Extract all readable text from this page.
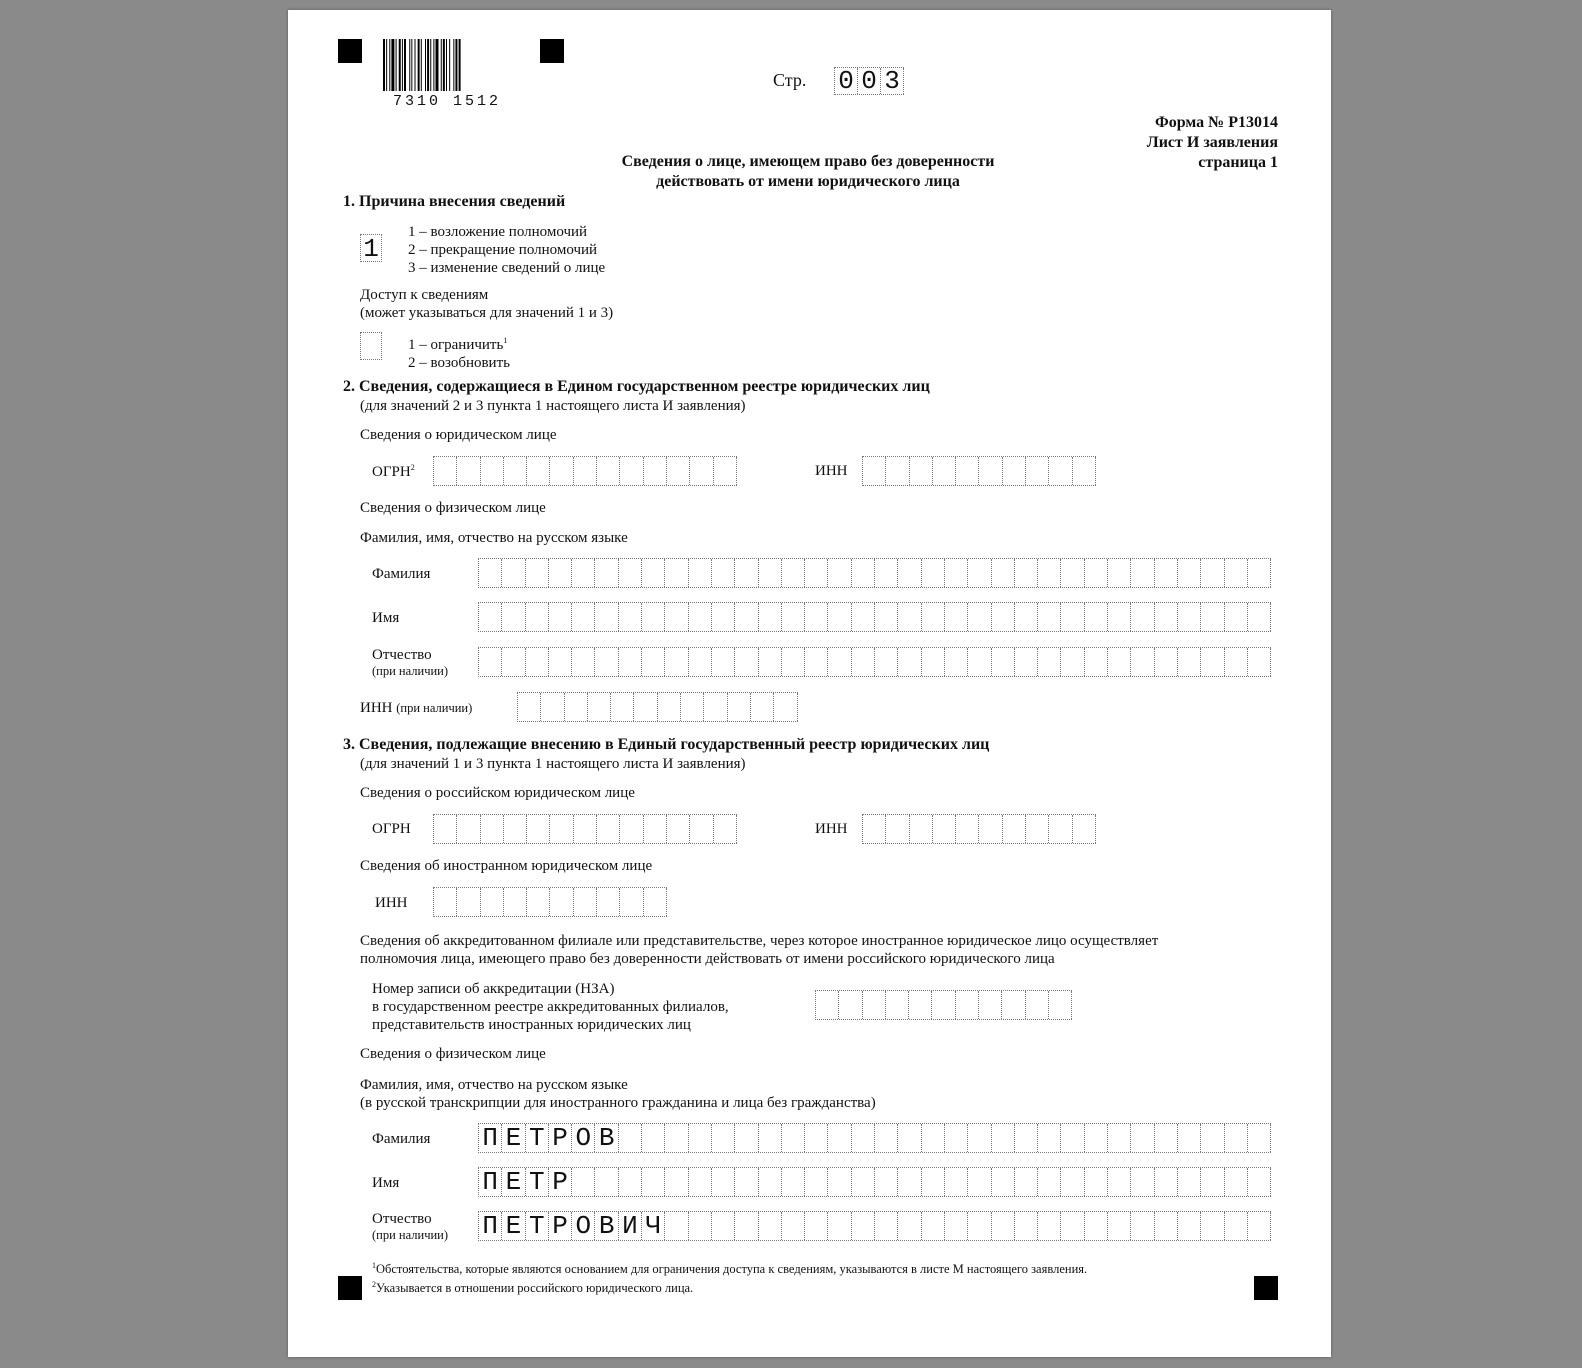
7310 1512
Стр. 0 0 3
Форма № Р13014
Лист И заявления
страница 1
Сведения о лице, имеющем право без доверенности
действовать от имени юридического лица
1. Причина внесения сведений
1
1 – возложение полномочий
2 – прекращение полномочий
3 – изменение сведений о лице
Доступ к сведениям
(может указываться для значений 1 и 3)
1 – ограничить$^1$
2 – возобновить
2. Сведения, содержащиеся в Едином государственном реестре юридических лиц
(для значений 2 и 3 пункта 1 настоящего листа И заявления)
Сведения о юридическом лице
ОГРН$^2$	ИНН
Сведения о физическом лице
Фамилия, имя, отчество на русском языке
Фамилия
Имя
Отчество
(при наличии)
ИНН (при наличии)
3. Сведения, подлежащие внесению в Единый государственный реестр юридических лиц
(для значений 1 и 3 пункта 1 настоящего листа И заявления)
Сведения о российском юридическом лице
ОГРН	ИНН
Сведения об иностранном юридическом лице
ИНН
Сведения об аккредитованном филиале или представительстве, через которое иностранное юридическое лицо осуществляет
полномочия лица, имеющего право без доверенности действовать от имени российского юридического лица
Номер записи об аккредитации (НЗА)
в государственном реестре аккредитованных филиалов,
представительств иностранных юридических лиц
Сведения о физическом лице
Фамилия, имя, отчество на русском языке
(в русской транскрипции для иностранного гражданина и лица без гражданства)
Фамилия П Е Т Р О В
Имя	П Е Т Р
Отчество
(при наличии) П Е Т Р О В И Ч
$^1$Обстоятельства, которые являются основанием для ограничения доступа к сведениям, указываются в листе М настоящего заявления.
$^2$Указывается в отношении российского юридического лица.
